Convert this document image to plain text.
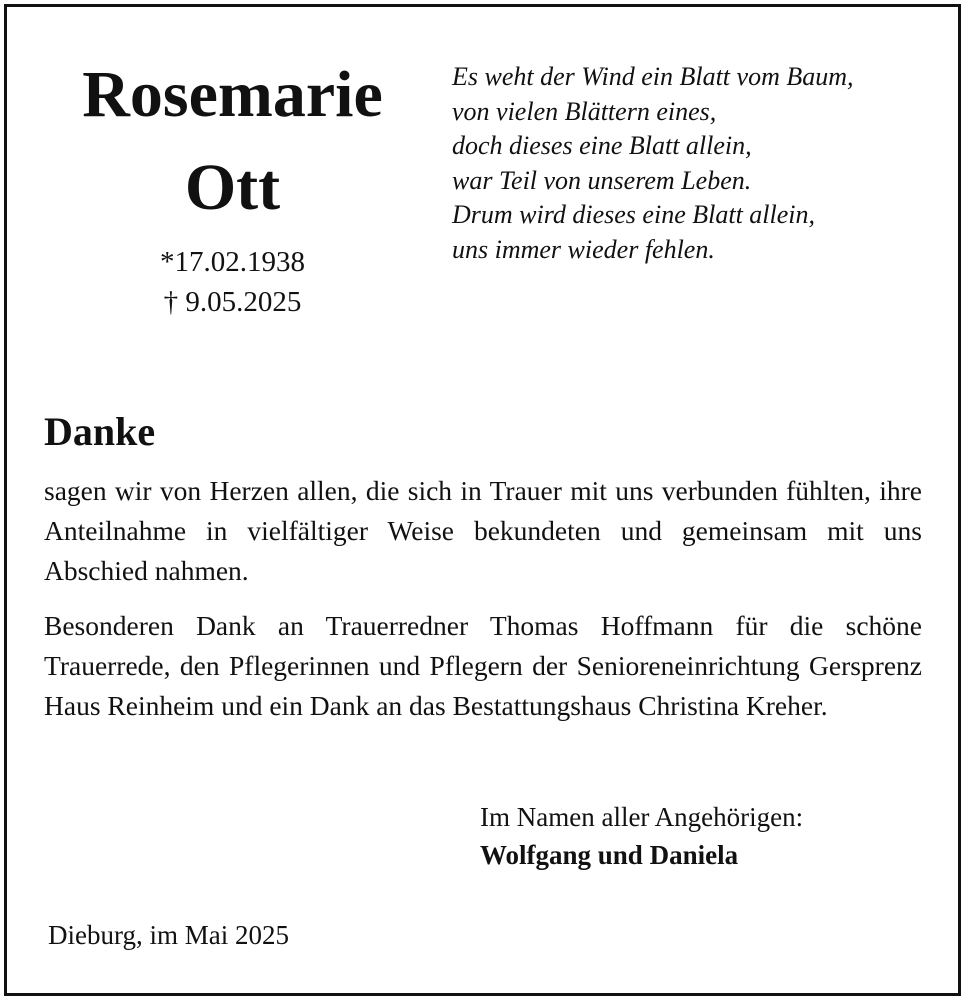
Rosemarie
Ott
*17.02.1938
† 9.05.2025
Es weht der Wind ein Blatt vom Baum,
von vielen Blättern eines,
doch dieses eine Blatt allein,
war Teil von unserem Leben.
Drum wird dieses eine Blatt allein,
uns immer wieder fehlen.
Danke
sagen wir von Herzen allen, die sich in Trauer mit uns verbunden fühlten, ihre Anteilnahme in vielfältiger Weise bekundeten und gemeinsam mit uns Abschied nahmen.
Besonderen Dank an Trauerredner Thomas Hoffmann für die schöne Trauerrede, den Pflegerinnen und Pflegern der Senioreneinrichtung Gersprenz Haus Reinheim und ein Dank an das Bestattungshaus Christina Kreher.
Im Namen aller Angehörigen:
Wolfgang und Daniela
Dieburg, im Mai 2025
